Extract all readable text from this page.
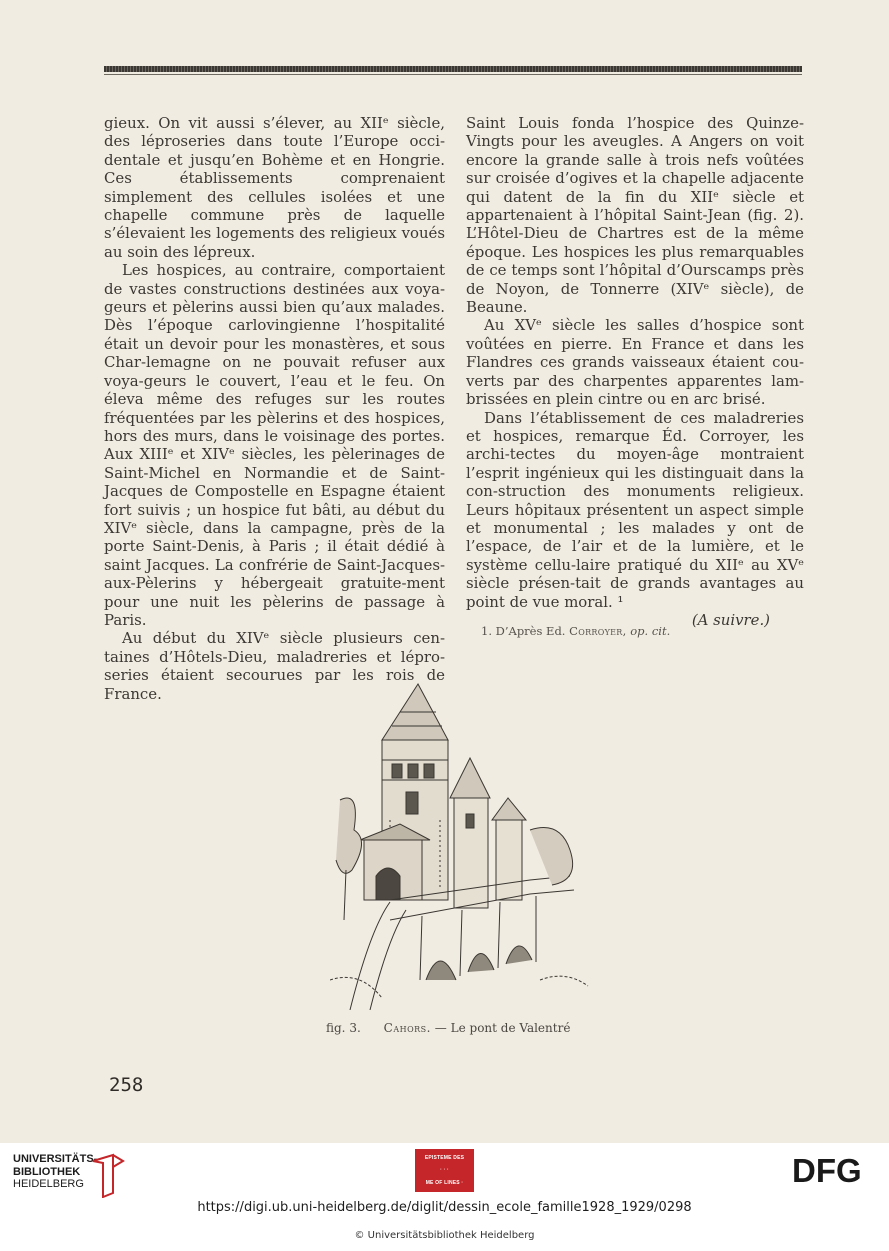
gieux. On vit aussi s’élever, au XIIᵉ siècle, des léproseries dans toute l’Europe occi-dentale et jusqu’en Bohème et en Hongrie. Ces établissements comprenaient simplement des cellules isolées et une chapelle commune près de laquelle s’élevaient les logements des religieux voués au soin des lépreux.

Les hospices, au contraire, comportaient de vastes constructions destinées aux voya-geurs et pèlerins aussi bien qu’aux malades. Dès l’époque carlovingienne l’hospitalité était un devoir pour les monastères, et sous Char-lemagne on ne pouvait refuser aux voya-geurs le couvert, l’eau et le feu. On éleva même des refuges sur les routes fréquentées par les pèlerins et des hospices, hors des murs, dans le voisinage des portes. Aux XIIIᵉ et XIVᵉ siècles, les pèlerinages de Saint-Michel en Normandie et de Saint-Jacques de Compostelle en Espagne étaient fort suivis ; un hospice fut bâti, au début du XIVᵉ siècle, dans la campagne, près de la porte Saint-Denis, à Paris ; il était dédié à saint Jacques. La confrérie de Saint-Jacques-aux-Pèlerins y hébergeait gratuite-ment pour une nuit les pèlerins de passage à Paris.

Au début du XIVᵉ siècle plusieurs cen-taines d’Hôtels-Dieu, maladreries et lépro-series étaient secourues par les rois de France.

Saint Louis fonda l’hospice des Quinze-Vingts pour les aveugles. A Angers on voit encore la grande salle à trois nefs voûtées sur croisée d’ogives et la chapelle adjacente qui datent de la fin du XIIᵉ siècle et appartenaient à l’hôpital Saint-Jean (fig. 2). L’Hôtel-Dieu de Chartres est de la même époque. Les hospices les plus remarquables de ce temps sont l’hôpital d’Ourscamps près de Noyon, de Tonnerre (XIVᵉ siècle), de Beaune.

Au XVᵉ siècle les salles d’hospice sont voûtées en pierre. En France et dans les Flandres ces grands vaisseaux étaient cou-verts par des charpentes apparentes lam-brissées en plein cintre ou en arc brisé.

Dans l’établissement de ces maladreries et hospices, remarque Éd. Corroyer, les archi-tectes du moyen-âge montraient l’esprit ingénieux qui les distinguait dans la con-struction des monuments religieux. Leurs hôpitaux présentent un aspect simple et monumental ; les malades y ont de l’espace, de l’air et de la lumière, et le système cellu-laire pratiqué du XIIᵉ au XVᵉ siècle présen-tait de grands avantages au point de vue moral. ¹

(A suivre.)

1. D’Après Ed. Corroyer, op. cit.
fig. 3. Cahors. — Le pont de Valentré
258
UNIVERSITÄTS-
BIBLIOTHEK
HEIDELBERG
EPISTEME DES
· · ·
ME OF LINES ·	DFG
https://digi.ub.uni-heidelberg.de/diglit/dessin_ecole_famille1928_1929/0298
© Universitätsbibliothek Heidelberg
